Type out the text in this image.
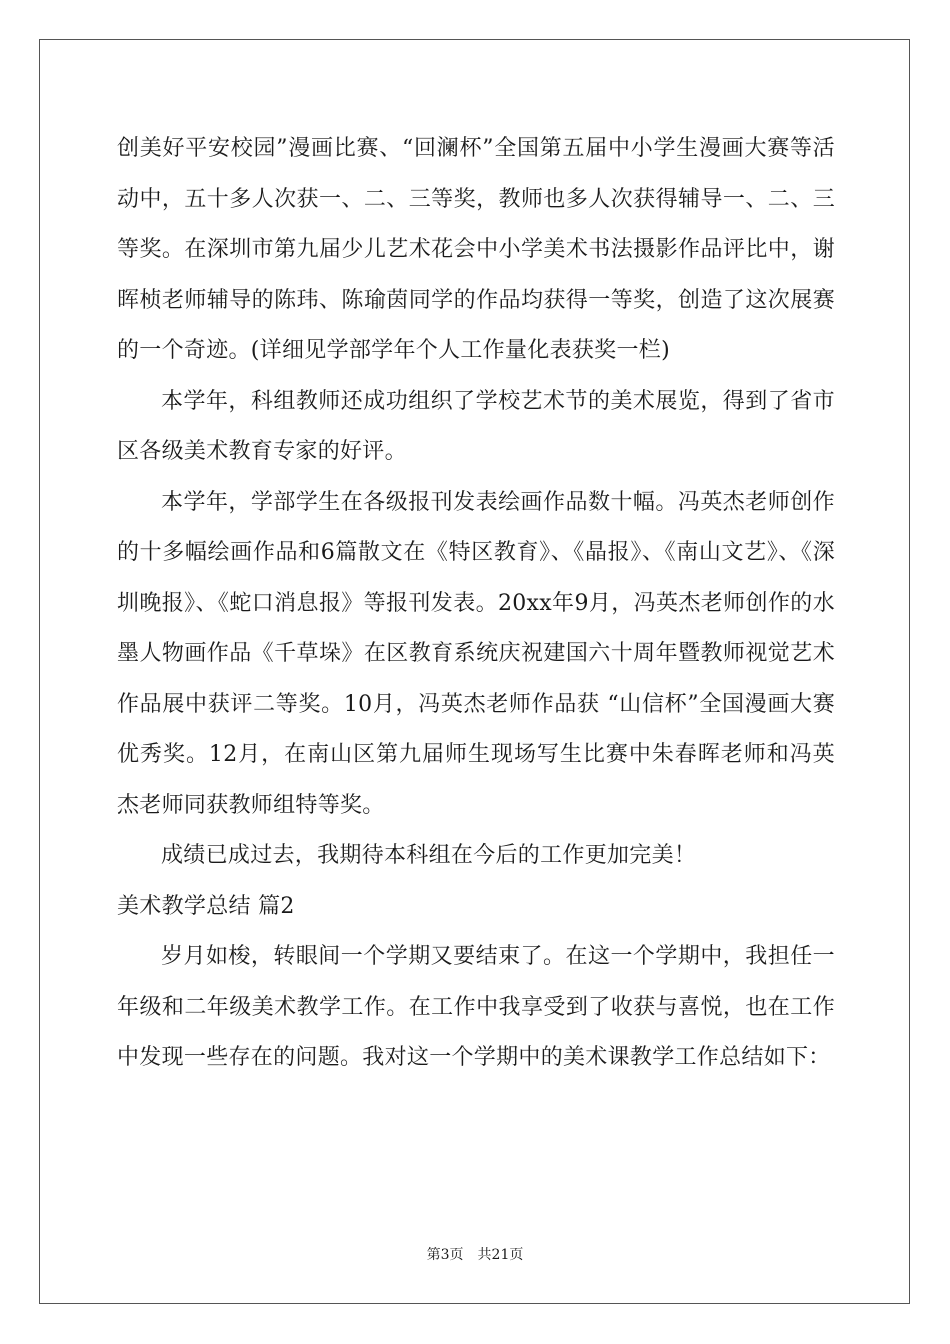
创美好平安校园”漫画比赛、“回澜杯”全国第五届中小学生漫画大赛等活动中，五十多人次获一、二、三等奖，教师也多人次获得辅导一、二、三等奖。在深圳市第九届少儿艺术花会中小学美术书法摄影作品评比中，谢晖桢老师辅导的陈玮、陈瑜茵同学的作品均获得一等奖，创造了这次展赛的一个奇迹。(详细见学部学年个人工作量化表获奖一栏)

本学年，科组教师还成功组织了学校艺术节的美术展览，得到了省市区各级美术教育专家的好评。

本学年，学部学生在各级报刊发表绘画作品数十幅。冯英杰老师创作的十多幅绘画作品和6篇散文在《特区教育》、《晶报》、《南山文艺》、《深圳晚报》、《蛇口消息报》等报刊发表。20xx年9月，冯英杰老师创作的水墨人物画作品《千草垛》在区教育系统庆祝建国六十周年暨教师视觉艺术作品展中获评二等奖。10月，冯英杰老师作品获 “山信杯”全国漫画大赛优秀奖。12月，在南山区第九届师生现场写生比赛中朱春晖老师和冯英杰老师同获教师组特等奖。

成绩已成过去，我期待本科组在今后的工作更加完美！

美术教学总结 篇2

岁月如梭，转眼间一个学期又要结束了。在这一个学期中，我担任一年级和二年级美术教学工作。在工作中我享受到了收获与喜悦，也在工作中发现一些存在的问题。我对这一个学期中的美术课教学工作总结如下：

第3页 共21页
